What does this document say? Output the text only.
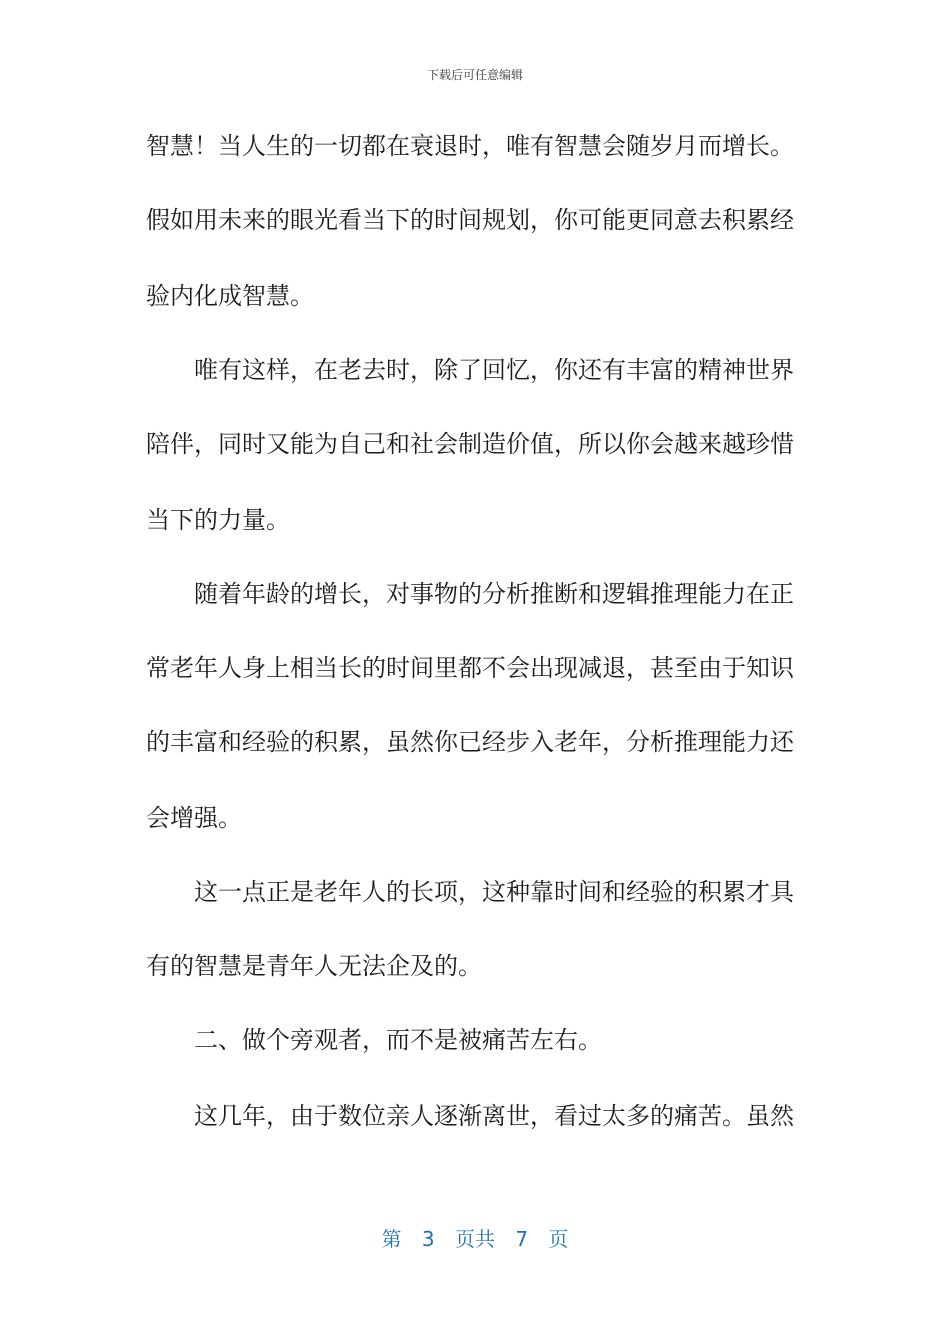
下载后可任意编辑
智慧！当人生的一切都在衰退时，唯有智慧会随岁月而增长。
假如用未来的眼光看当下的时间规划，你可能更同意去积累经
验内化成智慧。
唯有这样，在老去时，除了回忆，你还有丰富的精神世界
陪伴，同时又能为自己和社会制造价值，所以你会越来越珍惜
当下的力量。
随着年龄的增长，对事物的分析推断和逻辑推理能力在正
常老年人身上相当长的时间里都不会出现减退，甚至由于知识
的丰富和经验的积累，虽然你已经步入老年，分析推理能力还
会增强。
这一点正是老年人的长项，这种靠时间和经验的积累才具
有的智慧是青年人无法企及的。
二、做个旁观者，而不是被痛苦左右。
这几年，由于数位亲人逐渐离世，看过太多的痛苦。虽然
第 3 页共 7 页
